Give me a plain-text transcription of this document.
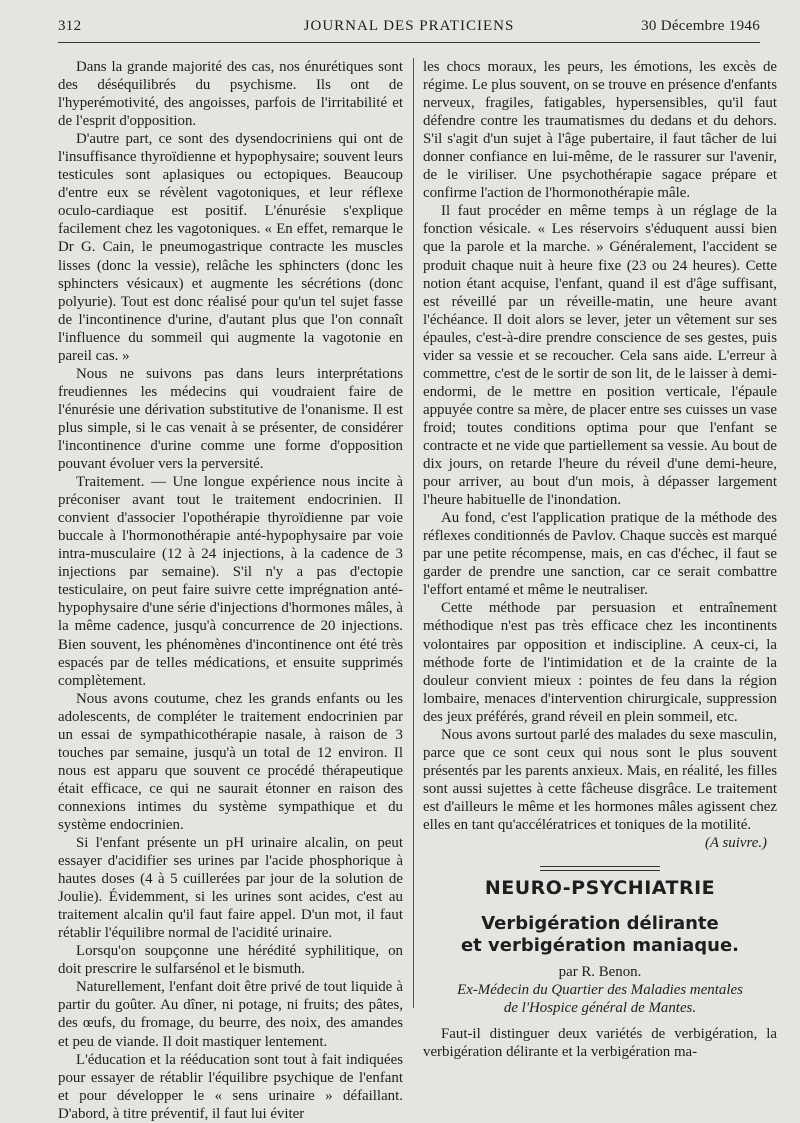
312	JOURNAL DES PRATICIENS	30 Décembre 1946

Dans la grande majorité des cas, nos énurétiques sont des déséquilibrés du psychisme. Ils ont de l'hyperémotivité, des angoisses, parfois de l'irritabilité et de l'esprit d'opposition.

D'autre part, ce sont des dysendocriniens qui ont de l'insuffisance thyroïdienne et hypophysaire; souvent leurs testicules sont aplasiques ou ectopiques. Beaucoup d'entre eux se révèlent vagotoniques, et leur réflexe oculo-cardiaque est positif. L'énurésie s'explique facilement chez les vagotoniques. « En effet, remarque le Dr G. Cain, le pneumogastrique contracte les muscles lisses (donc la vessie), relâche les sphincters (donc les sphincters vésicaux) et augmente les sécrétions (donc polyurie). Tout est donc réalisé pour qu'un tel sujet fasse de l'incontinence d'urine, d'autant plus que l'on connaît l'influence du sommeil qui augmente la vagotonie en pareil cas. »

Nous ne suivons pas dans leurs interprétations freudiennes les médecins qui voudraient faire de l'énurésie une dérivation substitutive de l'onanisme. Il est plus simple, si le cas venait à se présenter, de considérer l'incontinence d'urine comme une forme d'opposition pouvant évoluer vers la perversité.

Traitement. — Une longue expérience nous incite à préconiser avant tout le traitement endocrinien. Il convient d'associer l'opothérapie thyroïdienne par voie buccale à l'hormonothérapie anté-hypophysaire par voie intra-musculaire (12 à 24 injections, à la cadence de 3 injections par semaine). S'il n'y a pas d'ectopie testiculaire, on peut faire suivre cette imprégnation anté-hypophysaire d'une série d'injections d'hormones mâles, à la même cadence, jusqu'à concurrence de 20 injections. Bien souvent, les phénomènes d'incontinence ont été très espacés par de telles médications, et ensuite supprimés complètement.

Nous avons coutume, chez les grands enfants ou les adolescents, de compléter le traitement endocrinien par un essai de sympathicothérapie nasale, à raison de 3 touches par semaine, jusqu'à un total de 12 environ. Il nous est apparu que souvent ce procédé thérapeutique était efficace, ce qui ne saurait étonner en raison des connexions intimes du système sympathique et du système endocrinien.

Si l'enfant présente un pH urinaire alcalin, on peut essayer d'acidifier ses urines par l'acide phosphorique à hautes doses (4 à 5 cuillerées par jour de la solution de Joulie). Évidemment, si les urines sont acides, c'est au traitement alcalin qu'il faut faire appel. D'un mot, il faut rétablir l'équilibre normal de l'acidité urinaire.

Lorsqu'on soupçonne une hérédité syphilitique, on doit prescrire le sulfarsénol et le bismuth.

Naturellement, l'enfant doit être privé de tout liquide à partir du goûter. Au dîner, ni potage, ni fruits; des pâtes, des œufs, du fromage, du beurre, des noix, des amandes et peu de viande. Il doit mastiquer lentement.

L'éducation et la rééducation sont tout à fait indiquées pour essayer de rétablir l'équilibre psychique de l'enfant et pour développer le « sens urinaire » défaillant. D'abord, à titre préventif, il faut lui éviter

les chocs moraux, les peurs, les émotions, les excès de régime. Le plus souvent, on se trouve en présence d'enfants nerveux, fragiles, fatigables, hypersensibles, qu'il faut défendre contre les traumatismes du dedans et du dehors. S'il s'agit d'un sujet à l'âge pubertaire, il faut tâcher de lui donner confiance en lui-même, de le rassurer sur l'avenir, de le viriliser. Une psychothérapie sagace prépare et confirme l'action de l'hormonothérapie mâle.

Il faut procéder en même temps à un réglage de la fonction vésicale. « Les réservoirs s'éduquent aussi bien que la parole et la marche. » Généralement, l'accident se produit chaque nuit à heure fixe (23 ou 24 heures). Cette notion étant acquise, l'enfant, quand il est d'âge suffisant, est réveillé par un réveille-matin, une heure avant l'échéance. Il doit alors se lever, jeter un vêtement sur ses épaules, c'est-à-dire prendre conscience de ses gestes, puis vider sa vessie et se recoucher. Cela sans aide. L'erreur à commettre, c'est de le sortir de son lit, de le laisser à demi-endormi, de le mettre en position verticale, l'épaule appuyée contre sa mère, de placer entre ses cuisses un vase froid; toutes conditions optima pour que l'enfant se contracte et ne vide que partiellement sa vessie. Au bout de dix jours, on retarde l'heure du réveil d'une demi-heure, pour arriver, au bout d'un mois, à dépasser largement l'heure habituelle de l'inondation.

Au fond, c'est l'application pratique de la méthode des réflexes conditionnés de Pavlov. Chaque succès est marqué par une petite récompense, mais, en cas d'échec, il faut se garder de prendre une sanction, car ce serait combattre l'effort entamé et même le neutraliser.

Cette méthode par persuasion et entraînement méthodique n'est pas très efficace chez les incontinents volontaires par opposition et indiscipline. A ceux-ci, la méthode forte de l'intimidation et de la crainte de la douleur convient mieux : pointes de feu dans la région lombaire, menaces d'intervention chirurgicale, suppression des jeux préférés, grand réveil en plein sommeil, etc.

Nous avons surtout parlé des malades du sexe masculin, parce que ce sont ceux qui nous sont le plus souvent présentés par les parents anxieux. Mais, en réalité, les filles sont aussi sujettes à cette fâcheuse disgrâce. Le traitement est d'ailleurs le même et les hormones mâles agissent chez elles en tant qu'accélératrices et toniques de la motilité.

(A suivre.)

NEURO-PSYCHIATRIE
Verbigération délirante
et verbigération maniaque.
par R. Benon.
Ex-Médecin du Quartier des Maladies mentales
de l'Hospice général de Mantes.

Faut-il distinguer deux variétés de verbigération, la verbigération délirante et la verbigération ma-
